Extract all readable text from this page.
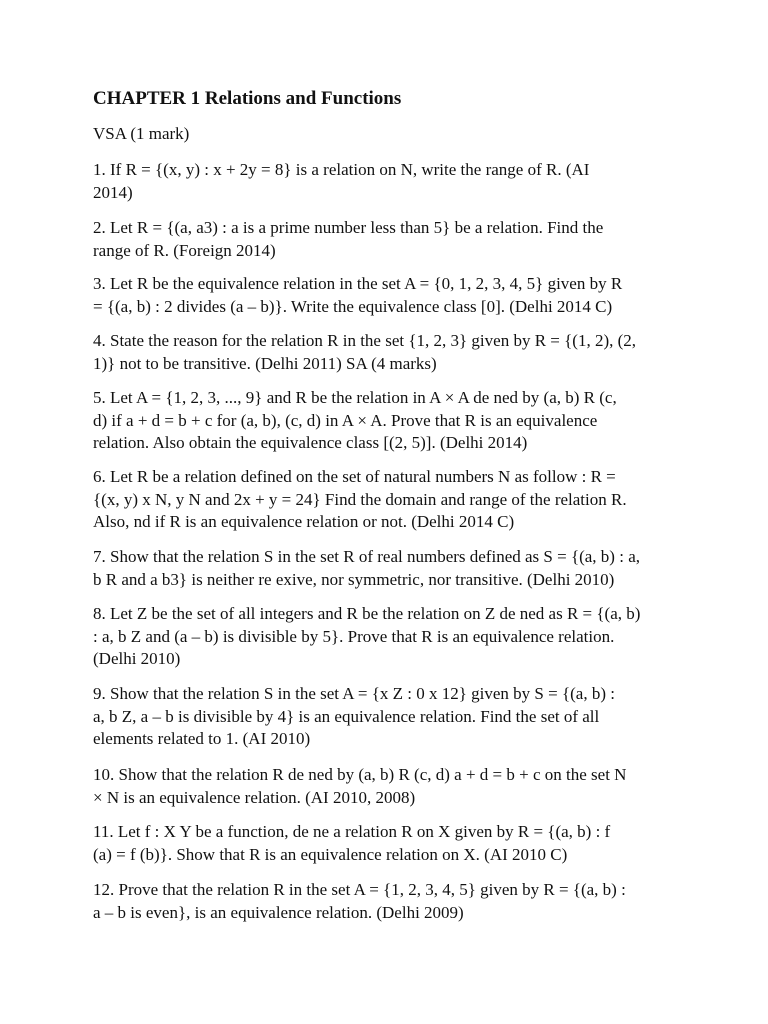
CHAPTER 1 Relations and Functions

VSA (1 mark)

1. If R = {(x, y) : x + 2y = 8} is a relation on N, write the range of R. (AI
2014)

2. Let R = {(a, a3) : a is a prime number less than 5} be a relation. Find the
range of R. (Foreign 2014)

3. Let R be the equivalence relation in the set A = {0, 1, 2, 3, 4, 5} given by R
= {(a, b) : 2 divides (a – b)}. Write the equivalence class [0]. (Delhi 2014 C)

4. State the reason for the relation R in the set {1, 2, 3} given by R = {(1, 2), (2,
1)} not to be transitive. (Delhi 2011) SA (4 marks)

5. Let A = {1, 2, 3, ..., 9} and R be the relation in A × A de ned by (a, b) R (c,
d) if a + d = b + c for (a, b), (c, d) in A × A. Prove that R is an equivalence
relation. Also obtain the equivalence class [(2, 5)]. (Delhi 2014)

6. Let R be a relation defined on the set of natural numbers N as follow : R =
{(x, y) x N, y N and 2x + y = 24} Find the domain and range of the relation R.
Also, nd if R is an equivalence relation or not. (Delhi 2014 C)

7. Show that the relation S in the set R of real numbers defined as S = {(a, b) : a,
b R and a b3} is neither re exive, nor symmetric, nor transitive. (Delhi 2010)

8. Let Z be the set of all integers and R be the relation on Z de ned as R = {(a, b)
: a, b Z and (a – b) is divisible by 5}. Prove that R is an equivalence relation.
(Delhi 2010)

9. Show that the relation S in the set A = {x Z : 0 x 12} given by S = {(a, b) :
a, b Z, a – b is divisible by 4} is an equivalence relation. Find the set of all
elements related to 1. (AI 2010)

10. Show that the relation R de ned by (a, b) R (c, d) a + d = b + c on the set N
× N is an equivalence relation. (AI 2010, 2008)

11. Let f : X Y be a function, de ne a relation R on X given by R = {(a, b) : f
(a) = f (b)}. Show that R is an equivalence relation on X. (AI 2010 C)

12. Prove that the relation R in the set A = {1, 2, 3, 4, 5} given by R = {(a, b) :
a – b is even}, is an equivalence relation. (Delhi 2009)
